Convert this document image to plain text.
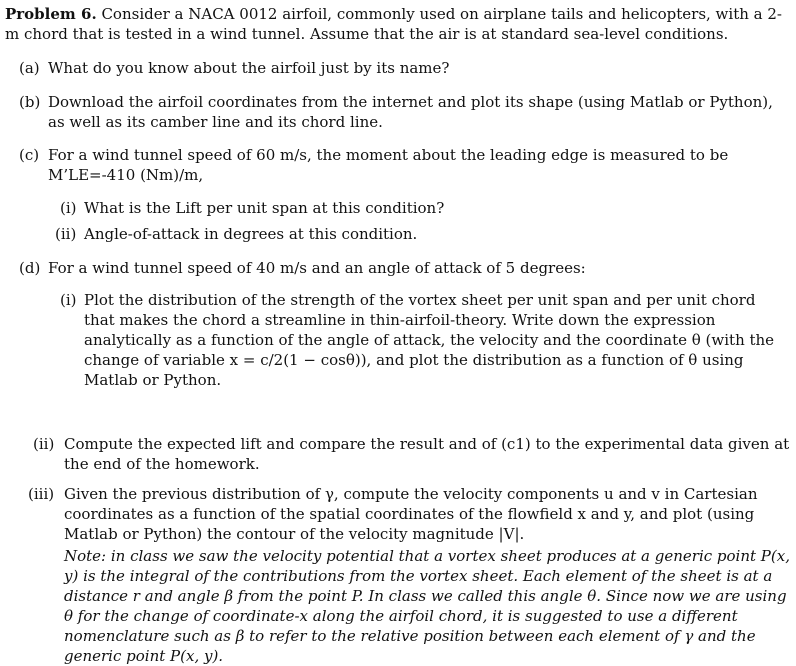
Problem 6. Consider a NACA 0012 airfoil, commonly used on airplane tails and helicopters, with a 2-m chord that is tested in a wind tunnel. Assume that the air is at standard sea-level conditions.

(a) What do you know about the airfoil just by its name?

(b) Download the airfoil coordinates from the internet and plot its shape (using Matlab or Python), as well as its camber line and its chord line.

(c) For a wind tunnel speed of 60 m/s, the moment about the leading edge is measured to be M’LE=-410 (Nm)/m,

(i) What is the Lift per unit span at this condition?

(ii) Angle-of-attack in degrees at this condition.

(d) For a wind tunnel speed of 40 m/s and an angle of attack of 5 degrees:

(i) Plot the distribution of the strength of the vortex sheet per unit span and per unit chord that makes the chord a streamline in thin-airfoil-theory. Write down the expression analytically as a function of the angle of attack, the velocity and the coordinate θ (with the change of variable x = c/2(1 − cosθ)), and plot the distribution as a function of θ using Matlab or Python.

(ii) Compute the expected lift and compare the result and of (c1) to the experimental data given at the end of the homework.

(iii) Given the previous distribution of γ, compute the velocity components u and v in Cartesian coordinates as a function of the spatial coordinates of the flowfield x and y, and plot (using Matlab or Python) the contour of the velocity magnitude |V|.

Note: in class we saw the velocity potential that a vortex sheet produces at a generic point P(x, y) is the integral of the contributions from the vortex sheet. Each element of the sheet is at a distance r and angle β from the point P. In class we called this angle θ. Since now we are using θ for the change of coordinate-x along the airfoil chord, it is suggested to use a different nomenclature such as β to refer to the relative position between each element of γ and the generic point P(x, y).
